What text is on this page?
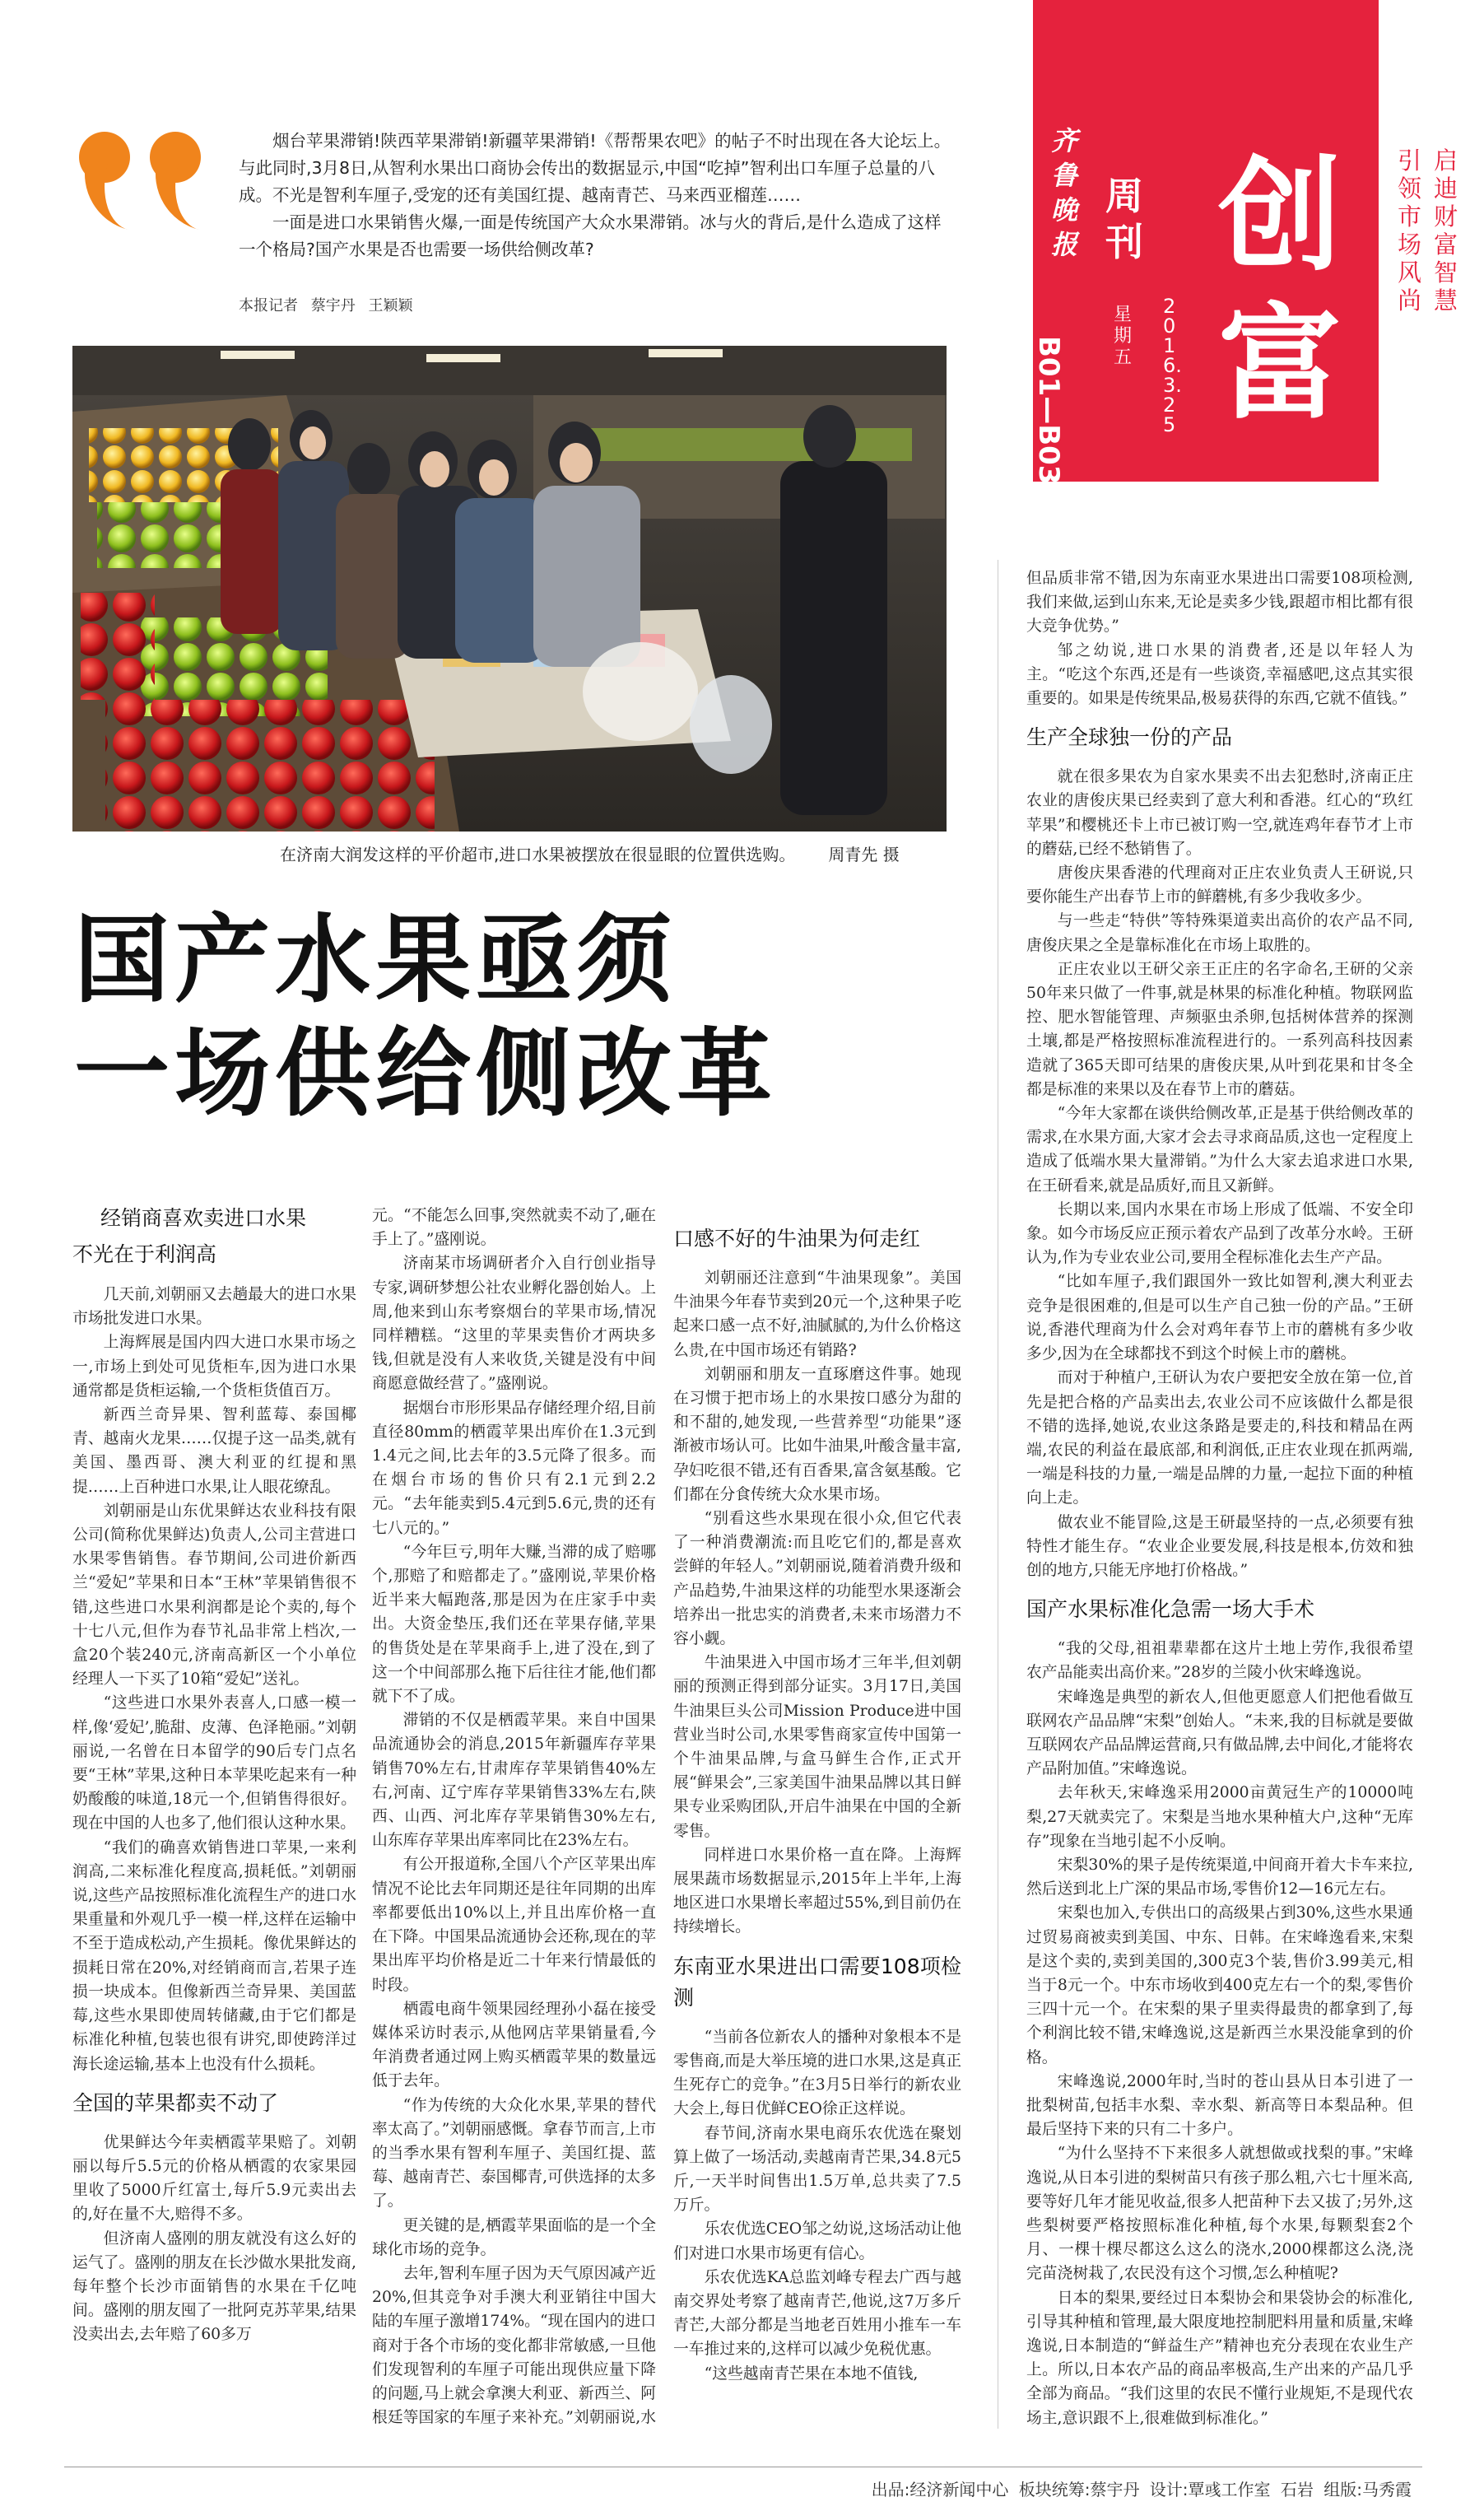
烟台苹果滞销!陕西苹果滞销!新疆苹果滞销!《帮帮果农吧》的帖子不时出现在各大论坛上。与此同时,3月8日,从智利水果出口商协会传出的数据显示,中国“吃掉”智利出口车厘子总量的八成。不光是智利车厘子,受宠的还有美国红提、越南青芒、马来西亚榴莲……

一面是进口水果销售火爆,一面是传统国产大众水果滞销。冰与火的背后,是什么造成了这样一个格局?国产水果是否也需要一场供给侧改革?

本报记者 蔡宇丹 王颖颖
齐鲁晚报
周刊
星期五
2016.3.25
创富
B01—B03
引领市场风尚
启迪财富智慧
在济南大润发这样的平价超市,进口水果被摆放在很显眼的位置供选购。 周青先 摄
国产水果亟须
一场供给侧改革
经销商喜欢卖进口水果
不光在于利润高

几天前,刘朝丽又去趟最大的进口水果市场批发进口水果。

上海辉展是国内四大进口水果市场之一,市场上到处可见货柜车,因为进口水果通常都是货柜运输,一个货柜货值百万。

新西兰奇异果、智利蓝莓、泰国椰青、越南火龙果……仅提子这一品类,就有美国、墨西哥、澳大利亚的红提和黑提……上百种进口水果,让人眼花缭乱。

刘朝丽是山东优果鲜达农业科技有限公司(简称优果鲜达)负责人,公司主营进口水果零售销售。春节期间,公司进价新西兰“爱妃”苹果和日本“王林”苹果销售很不错,这些进口水果利润都是论个卖的,每个十七八元,但作为春节礼品非常上档次,一盒20个装240元,济南高新区一个小单位经理人一下买了10箱“爱妃”送礼。

“这些进口水果外表喜人,口感一模一样,像‘爱妃’,脆甜、皮薄、色泽艳丽。”刘朝丽说,一名曾在日本留学的90后专门点名要“王林”苹果,这种日本苹果吃起来有一种奶酸酸的味道,18元一个,但销售得很好。现在中国的人也多了,他们很认这种水果。

“我们的确喜欢销售进口苹果,一来利润高,二来标准化程度高,损耗低。”刘朝丽说,这些产品按照标准化流程生产的进口水果重量和外观几乎一模一样,这样在运输中不至于造成松动,产生损耗。像优果鲜达的损耗日常在20%,对经销商而言,若果子连损一块成本。但像新西兰奇异果、美国蓝莓,这些水果即使周转储藏,由于它们都是标准化种植,包装也很有讲究,即使跨洋过海长途运输,基本上也没有什么损耗。

全国的苹果都卖不动了

优果鲜达今年卖栖霞苹果赔了。刘朝丽以每斤5.5元的价格从栖霞的农家果园里收了5000斤红富士,每斤5.9元卖出去的,好在量不大,赔得不多。

但济南人盛刚的朋友就没有这么好的运气了。盛刚的朋友在长沙做水果批发商,每年整个长沙市面销售的水果在千亿吨间。盛刚的朋友囤了一批阿克苏苹果,结果没卖出去,去年赔了60多万

元。“不能怎么回事,突然就卖不动了,砸在手上了。”盛刚说。

济南某市场调研者介入自行创业指导专家,调研梦想公社农业孵化器创始人。上周,他来到山东考察烟台的苹果市场,情况同样糟糕。“这里的苹果卖售价才两块多钱,但就是没有人来收货,关键是没有中间商愿意做经营了。”盛刚说。

据烟台市形形果品存储经理介绍,目前直径80mm的栖霞苹果出库价在1.3元到1.4元之间,比去年的3.5元降了很多。而在烟台市场的售价只有2.1元到2.2元。“去年能卖到5.4元到5.6元,贵的还有七八元的。”

“今年巨亏,明年大赚,当滞的成了赔哪个,那赔了和赔都走了。”盛刚说,苹果价格近半来大幅跑落,那是因为在庄家手中卖出。大资金垫压,我们还在苹果存储,苹果的售货处是在苹果商手上,进了没在,到了这一个中间部那么拖下后往往才能,他们都就下不了成。

滞销的不仅是栖霞苹果。来自中国果品流通协会的消息,2015年新疆库存苹果销售70%左右,甘肃库存苹果销售40%左右,河南、辽宁库存苹果销售33%左右,陕西、山西、河北库存苹果销售30%左右,山东库存苹果出库率同比在23%左右。

有公开报道称,全国八个产区苹果出库情况不论比去年同期还是往年同期的出库率都要低出10%以上,并且出库价格一直在下降。中国果品流通协会还称,现在的苹果出库平均价格是近二十年来行情最低的时段。

栖霞电商牛领果园经理孙小磊在接受媒体采访时表示,从他网店苹果销量看,今年消费者通过网上购买栖霞苹果的数量远低于去年。

“作为传统的大众化水果,苹果的替代率太高了。”刘朝丽感慨。拿春节而言,上市的当季水果有智利车厘子、美国红提、蓝莓、越南青芒、泰国椰青,可供选择的太多了。

更关键的是,栖霞苹果面临的是一个全球化市场的竞争。

去年,智利车厘子因为天气原因减产近20%,但其竞争对手澳大利亚销往中国大陆的车厘子激增174%。“现在国内的进口商对于各个市场的变化都非常敏感,一旦他们发现智利的车厘子可能出现供应量下降的问题,马上就会拿澳大利亚、新西兰、阿根廷等国家的车厘子来补充。”刘朝丽说,水

口感不好的牛油果为何走红

刘朝丽还注意到“牛油果现象”。美国牛油果今年春节卖到20元一个,这种果子吃起来口感一点不好,油腻腻的,为什么价格这么贵,在中国市场还有销路?

刘朝丽和朋友一直琢磨这件事。她现在习惯于把市场上的水果按口感分为甜的和不甜的,她发现,一些营养型“功能果”逐渐被市场认可。比如牛油果,叶酸含量丰富,孕妇吃很不错,还有百香果,富含氨基酸。它们都在分食传统大众水果市场。

“别看这些水果现在很小众,但它代表了一种消费潮流:而且吃它们的,都是喜欢尝鲜的年轻人。”刘朝丽说,随着消费升级和产品趋势,牛油果这样的功能型水果逐渐会培养出一批忠实的消费者,未来市场潜力不容小觑。

牛油果进入中国市场才三年半,但刘朝丽的预测正得到部分证实。3月17日,美国牛油果巨头公司Mission Produce进中国营业当时公司,水果零售商家宣传中国第一个牛油果品牌,与盒马鲜生合作,正式开展“鲜果会”,三家美国牛油果品牌以其日鲜果专业采购团队,开启牛油果在中国的全新零售。

同样进口水果价格一直在降。上海辉展果蔬市场数据显示,2015年上半年,上海地区进口水果增长率超过55%,到目前仍在持续增长。

东南亚水果进出口需要108项检测

“当前各位新农人的播种对象根本不是零售商,而是大举压境的进口水果,这是真正生死存亡的竞争。”在3月5日举行的新农业大会上,每日优鲜CEO徐正这样说。

春节间,济南水果电商乐农优选在聚划算上做了一场活动,卖越南青芒果,34.8元5斤,一天半时间售出1.5万单,总共卖了7.5万斤。

乐农优选CEO邹之幼说,这场活动让他们对进口水果市场更有信心。

乐农优选KA总监刘峰专程去广西与越南交界处考察了越南青芒,他说,这7万多斤青芒,大部分都是当地老百姓用小推车一车一车推过来的,这样可以减少免税优惠。

“这些越南青芒果在本地不值钱,

但品质非常不错,因为东南亚水果进出口需要108项检测,我们来做,运到山东来,无论是卖多少钱,跟超市相比都有很大竞争优势。”

邹之幼说,进口水果的消费者,还是以年轻人为主。“吃这个东西,还是有一些谈资,幸福感吧,这点其实很重要的。如果是传统果品,极易获得的东西,它就不值钱。”

生产全球独一份的产品

就在很多果农为自家水果卖不出去犯愁时,济南正庄农业的唐俊庆果已经卖到了意大利和香港。红心的“玖红苹果”和樱桃还卡上市已被订购一空,就连鸡年春节才上市的蘑菇,已经不愁销售了。

唐俊庆果香港的代理商对正庄农业负责人王研说,只要你能生产出春节上市的鲜蘑桃,有多少我收多少。

与一些走“特供”等特殊渠道卖出高价的农产品不同,唐俊庆果之全是靠标准化在市场上取胜的。

正庄农业以王研父亲王正庄的名字命名,王研的父亲50年来只做了一件事,就是林果的标准化种植。物联网监控、肥水智能管理、声频驱虫杀卵,包括树体营养的探测土壤,都是严格按照标准流程进行的。一系列高科技因素造就了365天即可结果的唐俊庆果,从叶到花果和甘冬全都是标准的来果以及在春节上市的蘑菇。

“今年大家都在谈供给侧改革,正是基于供给侧改革的需求,在水果方面,大家才会去寻求商品质,这也一定程度上造成了低端水果大量滞销。”为什么大家去追求进口水果,在王研看来,就是品质好,而且又新鲜。

长期以来,国内水果在市场上形成了低端、不安全印象。如今市场反应正预示着农产品到了改革分水岭。王研认为,作为专业农业公司,要用全程标准化去生产产品。

“比如车厘子,我们跟国外一致比如智利,澳大利亚去竞争是很困难的,但是可以生产自己独一份的产品。”王研说,香港代理商为什么会对鸡年春节上市的蘑桃有多少收多少,因为在全球都找不到这个时候上市的蘑桃。

而对于种植户,王研认为农户要把安全放在第一位,首先是把合格的产品卖出去,农业公司不应该做什么都是很不错的选择,她说,农业这条路是要走的,科技和精品在两端,农民的利益在最底部,和利润低,正庄农业现在抓两端,一端是科技的力量,一端是品牌的力量,一起拉下面的种植向上走。

做农业不能冒险,这是王研最坚持的一点,必须要有独特性才能生存。“农业企业要发展,科技是根本,仿效和独创的地方,只能无序地打价格战。”

国产水果标准化急需一场大手术

“我的父母,祖祖辈辈都在这片土地上劳作,我很希望农产品能卖出高价来。”28岁的兰陵小伙宋峰逸说。

宋峰逸是典型的新农人,但他更愿意人们把他看做互联网农产品品牌“宋梨”创始人。“未来,我的目标就是要做互联网农产品品牌运营商,只有做品牌,去中间化,才能将农产品附加值。”宋峰逸说。

去年秋天,宋峰逸采用2000亩黄冠生产的10000吨梨,27天就卖完了。宋梨是当地水果种植大户,这种“无库存”现象在当地引起不小反响。

宋梨30%的果子是传统渠道,中间商开着大卡车来拉,然后送到北上广深的果品市场,零售价12—16元左右。

宋梨也加入,专供出口的高级果占到30%,这些水果通过贸易商被卖到美国、中东、日韩。在宋峰逸看来,宋梨是这个卖的,卖到美国的,300克3个装,售价3.99美元,相当于8元一个。中东市场收到400克左右一个的梨,零售价三四十元一个。在宋梨的果子里卖得最贵的都拿到了,每个利润比较不错,宋峰逸说,这是新西兰水果没能拿到的价格。

宋峰逸说,2000年时,当时的苍山县从日本引进了一批梨树苗,包括丰水梨、幸水梨、新高等日本梨品种。但最后坚持下来的只有二十多户。

“为什么坚持不下来很多人就想做或找梨的事。”宋峰逸说,从日本引进的梨树苗只有孩子那么粗,六七十厘米高,要等好几年才能见收益,很多人把苗种下去又拔了;另外,这些梨树要严格按照标准化种植,每个水果,每颗梨套2个月、一棵十棵尽都这么这么的浇水,2000棵都这么浇,浇完苗浇树栽了,农民没有这个习惯,怎么种植呢?

日本的梨果,要经过日本梨协会和果袋协会的标准化,引导其种植和管理,最大限度地控制肥料用量和质量,宋峰逸说,日本制造的“鲜益生产”精神也充分表现在农业生产上。所以,日本农产品的商品率极高,生产出来的产品几乎全部为商品。“我们这里的农民不懂行业规矩,不是现代农场主,意识跟不上,很难做到标准化。”

出品:经济新闻中心 板块统筹:蔡宇丹 设计:覃彧工作室 石岩 组版:马秀霞
